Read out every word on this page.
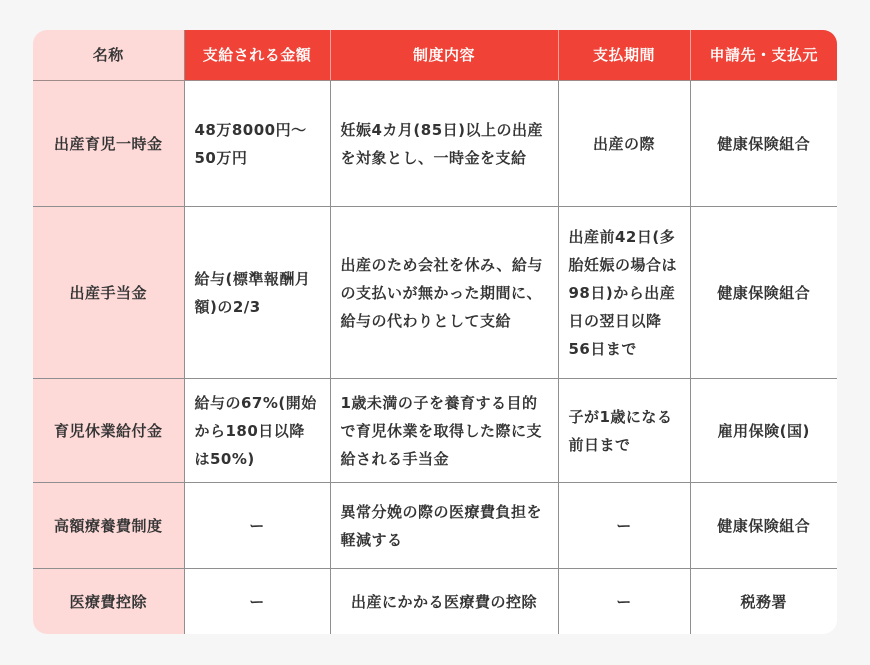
名称	支給される金額	制度内容	支払期間	申請先・支払元
出産育児一時金	48万8000円〜50万円	妊娠4カ月(85日)以上の出産を対象とし、一時金を支給	出産の際	健康保険組合
出産手当金	給与(標準報酬月額)の2/3	出産のため会社を休み、給与の支払いが無かった期間に、給与の代わりとして支給	出産前42日(多胎妊娠の場合は98日)から出産日の翌日以降56日まで	健康保険組合
育児休業給付金	給与の67%(開始から180日以降は50%)	1歳未満の子を養育する目的で育児休業を取得した際に支給される手当金	子が1歳になる前日まで	雇用保険(国)
高額療養費制度	ー	異常分娩の際の医療費負担を軽減する	ー	健康保険組合
医療費控除	ー	出産にかかる医療費の控除	ー	税務署
